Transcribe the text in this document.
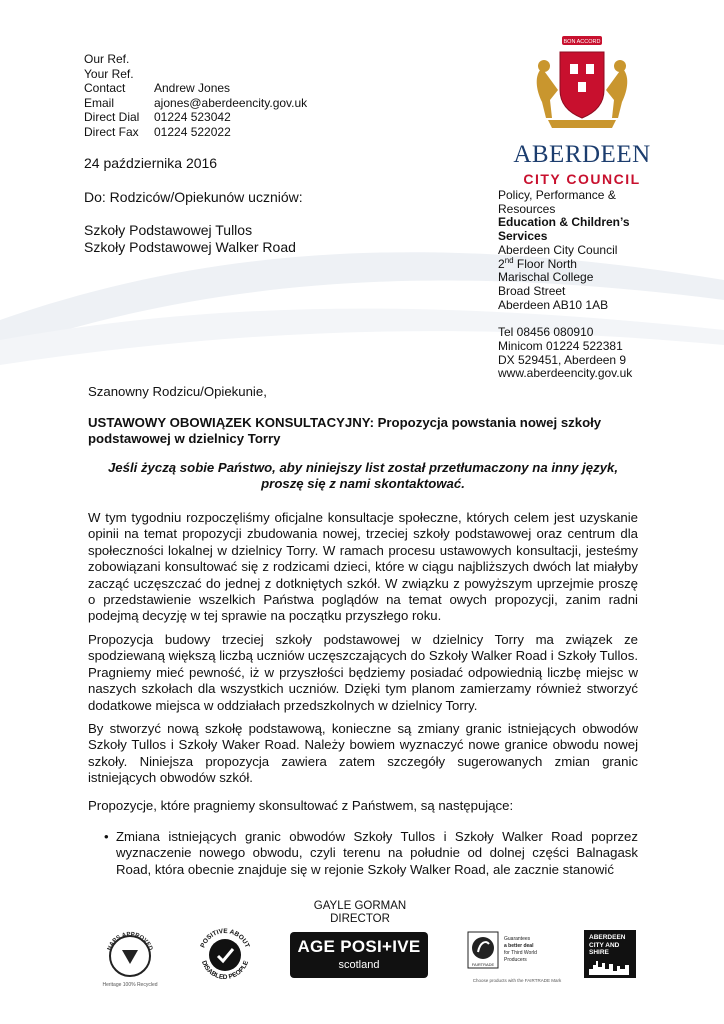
Our Ref.
Your Ref.
Contact	Andrew Jones
Email	ajones@aberdeencity.gov.uk
Direct Dial	01224 523042
Direct Fax	01224 522022
24 października 2016
Do: Rodziców/Opiekunów uczniów:
Szkoły Podstawowej Tullos
Szkoły Podstawowej Walker Road
BON ACCORD
ABERDEEN
CITY COUNCIL
Policy, Performance &
Resources
Education & Children’s
Services
Aberdeen City Council
2nd Floor North
Marischal College
Broad Street
Aberdeen AB10 1AB
Tel 08456 080910
Minicom 01224 522381
DX 529451, Aberdeen 9
www.aberdeencity.gov.uk
Szanowny Rodzicu/Opiekunie,
USTAWOWY OBOWIĄZEK KONSULTACYJNY: Propozycja powstania nowej szkoły podstawowej w dzielnicy Torry
Jeśli życzą sobie Państwo, aby niniejszy list został przetłumaczony na inny język, proszę się z nami skontaktować.
W tym tygodniu rozpoczęliśmy oficjalne konsultacje społeczne, których celem jest uzyskanie opinii na temat propozycji zbudowania nowej, trzeciej szkoły podstawowej oraz centrum dla społeczności lokalnej w dzielnicy Torry. W ramach procesu ustawowych konsultacji, jesteśmy zobowiązani konsultować się z rodzicami dzieci, które w ciągu najbliższych dwóch lat miałyby zacząć uczęszczać do jednej z dotkniętych szkół. W związku z powyższym uprzejmie proszę o przedstawienie wszelkich Państwa poglądów na temat owych propozycji, zanim radni podejmą decyzję w tej sprawie na początku przyszłego roku.
Propozycja budowy trzeciej szkoły podstawowej w dzielnicy Torry ma związek ze spodziewaną większą liczbą uczniów uczęszczających do Szkoły Walker Road i Szkoły Tullos. Pragniemy mieć pewność, iż w przyszłości będziemy posiadać odpowiednią liczbę miejsc w naszych szkołach dla wszystkich uczniów. Dzięki tym planom zamierzamy również stworzyć dodatkowe miejsca w oddziałach przedszkolnych w dzielnicy Torry.
By stworzyć nową szkołę podstawową, konieczne są zmiany granic istniejących obwodów Szkoły Tullos i Szkoły Waker Road. Należy bowiem wyznaczyć nowe granice obwodu nowej szkoły. Niniejsza propozycja zawiera zatem szczegóły sugerowanych zmian granic istniejących obwodów szkół.
Propozycje, które pragniemy skonsultować z Państwem, są następujące:
• Zmiana istniejących granic obwodów Szkoły Tullos i Szkoły Walker Road poprzez wyznaczenie nowego obwodu, czyli terenu na południe od dolnej części Balnagask Road, która obecnie znajduje się w rejonie Szkoły Walker Road, ale zacznie stanowić
GAYLE GORMAN
DIRECTOR
NAPS APPROVED
Heritage 100% Recycled
POSITIVE ABOUT
DISABLED PEOPLE
AGE POSI+IVE
scotland	FAIRTRADE
Guarantees
a better deal
for Third World
Producers
Choose products with the FAIRTRADE Mark
ABERDEEN
CITY AND
SHIRE
